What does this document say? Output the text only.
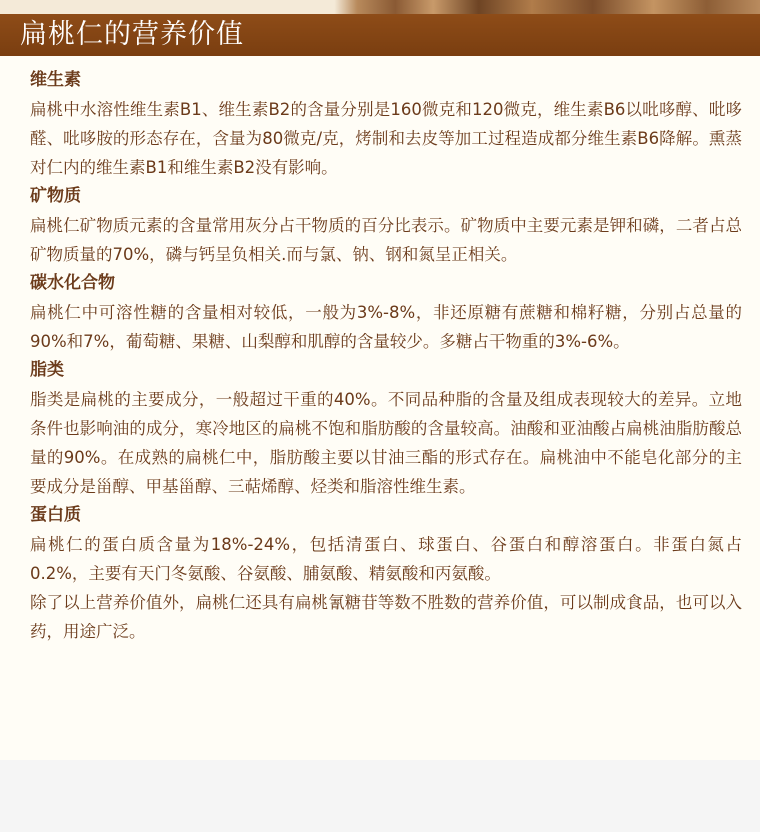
扁桃仁的营养价值
维生素

扁桃中水溶性维生素B1、维生素B2的含量分别是160微克和120微克，维生素B6以吡哆醇、吡哆醛、吡哆胺的形态存在，含量为80微克/克，烤制和去皮等加工过程造成都分维生素B6降解。熏蒸对仁内的维生素B1和维生素B2没有影响。

矿物质

扁桃仁矿物质元素的含量常用灰分占干物质的百分比表示。矿物质中主要元素是钾和磷，二者占总矿物质量的70%，磷与钙呈负相关.而与氯、钠、钢和氮呈正相关。

碳水化合物

扁桃仁中可溶性糖的含量相对较低，一般为3%-8%，非还原糖有蔗糖和棉籽糖，分别占总量的90%和7%，葡萄糖、果糖、山梨醇和肌醇的含量较少。多糖占干物重的3%-6%。

脂类

脂类是扁桃的主要成分，一般超过干重的40%。不同品种脂的含量及组成表现较大的差异。立地条件也影响油的成分，寒冷地区的扁桃不饱和脂肪酸的含量较高。油酸和亚油酸占扁桃油脂肪酸总量的90%。在成熟的扁桃仁中，脂肪酸主要以甘油三酯的形式存在。扁桃油中不能皂化部分的主要成分是甾醇、甲基甾醇、三萜烯醇、烃类和脂溶性维生素。

蛋白质

扁桃仁的蛋白质含量为18%-24%，包括清蛋白、球蛋白、谷蛋白和醇溶蛋白。非蛋白氮占0.2%，主要有天门冬氨酸、谷氨酸、脯氨酸、精氨酸和丙氨酸。

除了以上营养价值外，扁桃仁还具有扁桃氰糖苷等数不胜数的营养价值，可以制成食品，也可以入药，用途广泛。
